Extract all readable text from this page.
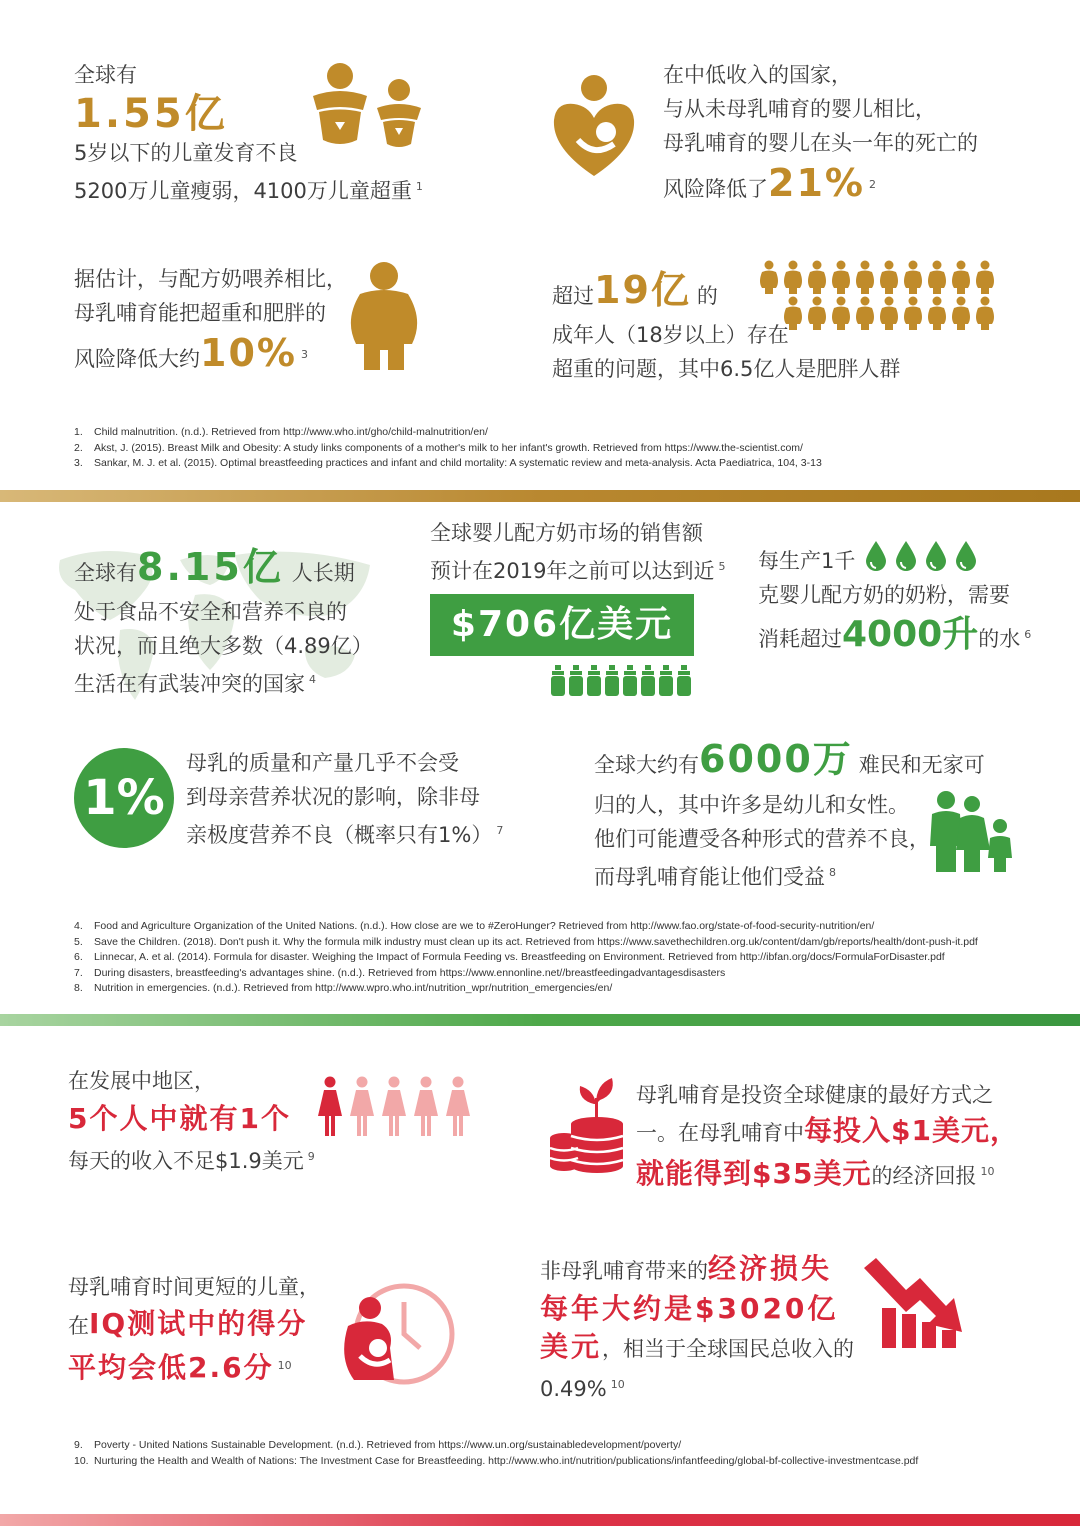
全球有
1.55亿
5岁以下的儿童发育不良
5200万儿童瘦弱，4100万儿童超重 $^1$
在中低收入的国家，
与从未母乳哺育的婴儿相比，
母乳哺育的婴儿在头一年的死亡的
风险降低了21% $^2$
据估计，与配方奶喂养相比，
母乳哺育能把超重和肥胖的
风险降低大约10% $^3$
超过19亿 的
成年人（18岁以上）存在
超重的问题，其中6.5亿人是肥胖人群
1. Child malnutrition. (n.d.). Retrieved from http://www.who.int/gho/child-malnutrition/en/
2. Akst, J. (2015). Breast Milk and Obesity: A study links components of a mother's milk to her infant's growth. Retrieved from https://www.the-scientist.com/
3. Sankar, M. J. et al. (2015). Optimal breastfeeding practices and infant and child mortality: A systematic review and meta-analysis. Acta Paediatrica, 104, 3-13
全球有8.15亿 人长期
处于食品不安全和营养不良的
状况，而且绝大多数（4.89亿）
生活在有武装冲突的国家 $^4$
全球婴儿配方奶市场的销售额
预计在2019年之前可以达到近 $^5$
$706亿美元
每生产1千
克婴儿配方奶的奶粉，需要
消耗超过4000升的水 $^6$
1%
母乳的质量和产量几乎不会受
到母亲营养状况的影响，除非母
亲极度营养不良（概率只有1%） $^7$
全球大约有6000万 难民和无家可
归的人，其中许多是幼儿和女性。
他们可能遭受各种形式的营养不良，
而母乳哺育能让他们受益 $^8$
4. Food and Agriculture Organization of the United Nations. (n.d.). How close are we to #ZeroHunger? Retrieved from http://www.fao.org/state-of-food-security-nutrition/en/
5. Save the Children. (2018). Don't push it. Why the formula milk industry must clean up its act. Retrieved from https://www.savethechildren.org.uk/content/dam/gb/reports/health/dont-push-it.pdf
6. Linnecar, A. et al. (2014). Formula for disaster. Weighing the Impact of Formula Feeding vs. Breastfeeding on Environment. Retrieved from http://ibfan.org/docs/FormulaForDisaster.pdf
7. During disasters, breastfeeding's advantages shine. (n.d.). Retrieved from https://www.ennonline.net//breastfeedingadvantagesdisasters
8. Nutrition in emergencies. (n.d.). Retrieved from http://www.wpro.who.int/nutrition_wpr/nutrition_emergencies/en/
在发展中地区，
5个人中就有1个
每天的收入不足$1.9美元 $^9$
母乳哺育是投资全球健康的最好方式之
一。在母乳哺育中每投入$1美元，
就能得到$35美元的经济回报 $^{10}$
母乳哺育时间更短的儿童，
在IQ测试中的得分
平均会低2.6分 $^{10}$
非母乳哺育带来的经济损失
每年大约是$3020亿
美元，相当于全球国民总收入的
0.49% $^{10}$
9. Poverty - United Nations Sustainable Development. (n.d.). Retrieved from https://www.un.org/sustainabledevelopment/poverty/
10. Nurturing the Health and Wealth of Nations: The Investment Case for Breastfeeding. http://www.who.int/nutrition/publications/infantfeeding/global-bf-collective-investmentcase.pdf
